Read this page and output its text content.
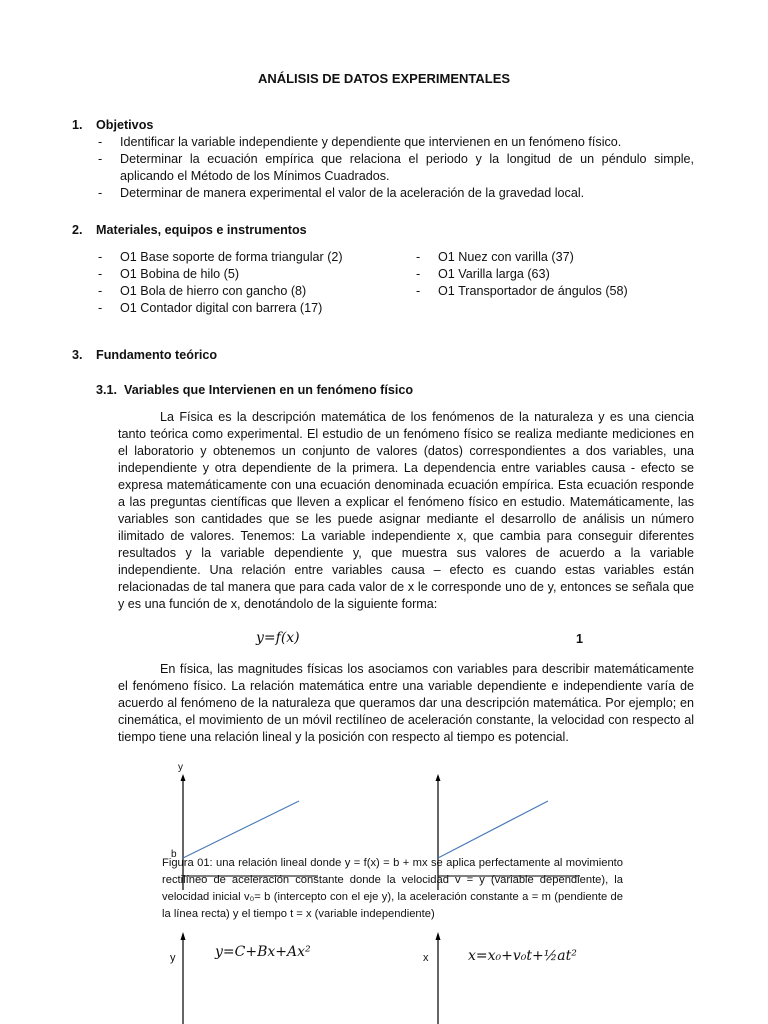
ANÁLISIS DE DATOS EXPERIMENTALES
1. Objetivos
- Identificar la variable independiente y dependiente que intervienen en un fenómeno físico.
- Determinar la ecuación empírica que relaciona el periodo y la longitud de un péndulo simple, aplicando el Método de los Mínimos Cuadrados.
- Determinar de manera experimental el valor de la aceleración de la gravedad local.
2. Materiales, equipos e instrumentos
- O1 Base soporte de forma triangular (2)
- O1 Bobina de hilo (5)
- O1 Bola de hierro con gancho (8)
- O1 Contador digital con barrera (17)
- O1 Nuez con varilla (37)
- O1 Varilla larga (63)
- O1 Transportador de ángulos (58)
3. Fundamento teórico
3.1. Variables que Intervienen en un fenómeno físico

La Física es la descripción matemática de los fenómenos de la naturaleza y es una ciencia tanto teórica como experimental. El estudio de un fenómeno físico se realiza mediante mediciones en el laboratorio y obtenemos un conjunto de valores (datos) correspondientes a dos variables, una independiente y otra dependiente de la primera. La dependencia entre variables causa - efecto se expresa matemáticamente con una ecuación denominada ecuación empírica. Esta ecuación responde a las preguntas científicas que lleven a explicar el fenómeno físico en estudio. Matemáticamente, las variables son cantidades que se les puede asignar mediante el desarrollo de análisis un número ilimitado de valores. Tenemos: La variable independiente x, que cambia para conseguir diferentes resultados y la variable dependiente y, que muestra sus valores de acuerdo a la variable independiente. Una relación entre variables causa – efecto es cuando estas variables están relacionadas de tal manera que para cada valor de x le corresponde uno de y, entonces se señala que y es una función de x, denotándolo de la siguiente forma:

y=f(x)	1

En física, las magnitudes físicas los asociamos con variables para describir matemáticamente el fenómeno físico. La relación matemática entre una variable dependiente e independiente varía de acuerdo al fenómeno de la naturaleza que queramos dar una descripción matemática. Por ejemplo; en cinemática, el movimiento de un móvil rectilíneo de aceleración constante, la velocidad con respecto al tiempo tiene una relación lineal y la posición con respecto al tiempo es potencial.

y
b

Figura 01: una relación lineal donde y = f(x) = b + mx se aplica perfectamente al movimiento rectilíneo de aceleración constante donde la velocidad v = y (variable dependiente), la velocidad inicial v₀= b (intercepto con el eje y), la aceleración constante a = m (pendiente de la línea recta) y el tiempo t = x (variable independiente)

y	y=C+Bx+Ax²	x	x=x₀+v₀t+½at²
